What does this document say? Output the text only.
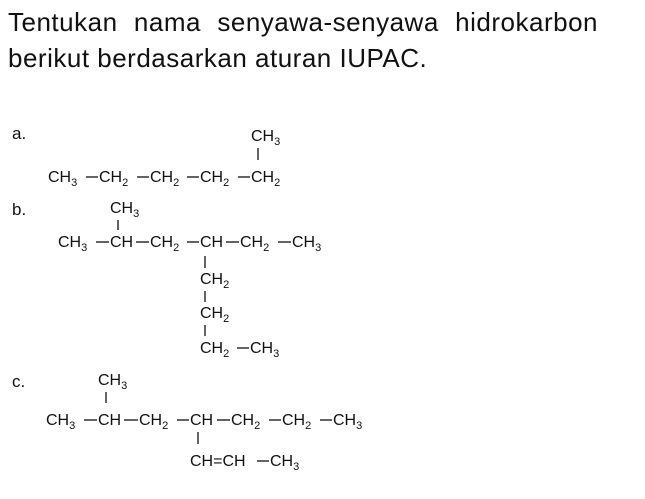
Tentukan nama senyawa-senyawa hidrokarbon berikut berdasarkan aturan IUPAC.

a.
b.
c.
$CH_3$ $CH_2$ $CH_2$ $CH_2$ $CH_2$
$CH_3$
$CH_3$
$CH_3$ CH $CH_2$ CH $CH_2$ $CH_3$
$CH_2$
$CH_2$
$CH_2$ $CH_3$
$CH_3$
$CH_3$ CH $CH_2$ CH $CH_2$ $CH_2$ $CH_3$
CH=CH $CH_3$
